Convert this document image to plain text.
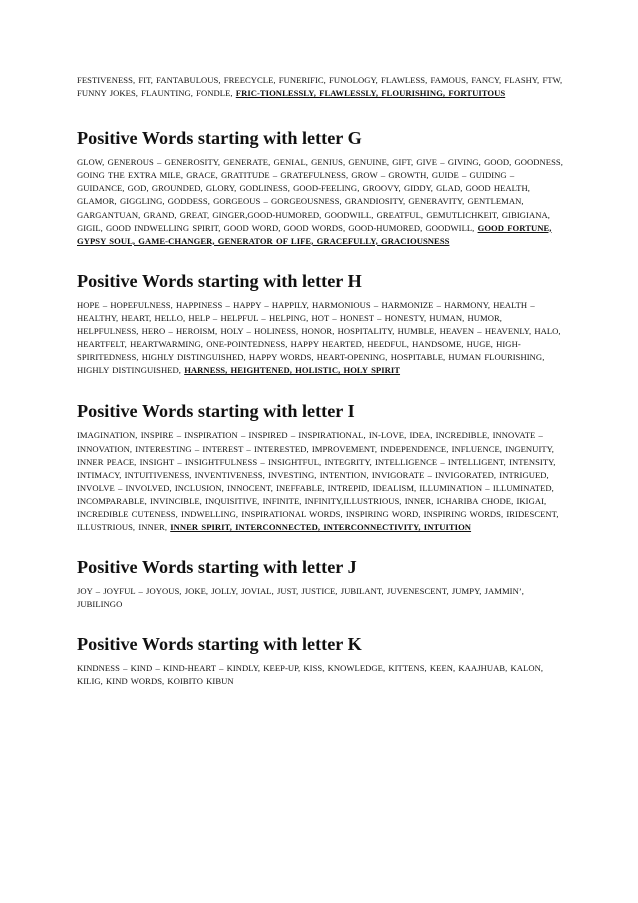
FESTIVENESS, FIT, FANTABULOUS, FREECYCLE, FUNERIFIC, FUNOLOGY, FLAWLESS, FAMOUS, FANCY, FLASHY, FTW, FUNNY JOKES, FLAUNTING, FONDLE, FRIC-TIONLESSLY, FLAWLESSLY, FLOURISHING, FORTUITOUS

Positive Words starting with letter G

GLOW, GENEROUS – GENEROSITY, GENERATE, GENIAL, GENIUS, GENUINE, GIFT, GIVE – GIVING, GOOD, GOODNESS, GOING THE EXTRA MILE, GRACE, GRATITUDE – GRATEFULNESS, GROW – GROWTH, GUIDE – GUIDING – GUIDANCE, GOD, GROUNDED, GLORY, GODLINESS, GOOD-FEELING, GROOVY, GIDDY, GLAD, GOOD HEALTH, GLAMOR, GIGGLING, GODDESS, GORGEOUS – GORGEOUSNESS, GRANDIOSITY, GENERAVITY, GENTLEMAN, GARGANTUAN, GRAND, GREAT, GINGER,GOOD-HUMORED, GOODWILL, GREATFUL, GEMUTLICHKEIT, GIBIGIANA, GIGIL, GOOD INDWELLING SPIRIT, GOOD WORD, GOOD WORDS, GOOD-HUMORED, GOODWILL, GOOD FORTUNE, GYPSY SOUL, GAME-CHANGER, GENERATOR OF LIFE, GRACEFULLY, GRACIOUSNESS

Positive Words starting with letter H

HOPE – HOPEFULNESS, HAPPINESS – HAPPY – HAPPILY, HARMONIOUS – HARMONIZE – HARMONY, HEALTH – HEALTHY, HEART, HELLO, HELP – HELPFUL – HELPING, HOT – HONEST – HONESTY, HUMAN, HUMOR, HELPFULNESS, HERO – HEROISM, HOLY – HOLINESS, HONOR, HOSPITALITY, HUMBLE, HEAVEN – HEAVENLY, HALO, HEARTFELT, HEARTWARMING, ONE-POINTEDNESS, HAPPY HEARTED, HEEDFUL, HANDSOME, HUGE, HIGH-SPIRITEDNESS, HIGHLY DISTINGUISHED, HAPPY WORDS, HEART-OPENING, HOSPITABLE, HUMAN FLOURISHING, HIGHLY DISTINGUISHED, HARNESS, HEIGHTENED, HOLISTIC, HOLY SPIRIT

Positive Words starting with letter I

IMAGINATION, INSPIRE – INSPIRATION – INSPIRED – INSPIRATIONAL, IN-LOVE, IDEA, INCREDIBLE, INNOVATE – INNOVATION, INTERESTING – INTEREST – INTERESTED, IMPROVEMENT, INDEPENDENCE, INFLUENCE, INGENUITY, INNER PEACE, INSIGHT – INSIGHTFULNESS – INSIGHTFUL, INTEGRITY, INTELLIGENCE – INTELLIGENT, INTENSITY, INTIMACY, INTUITIVENESS, INVENTIVENESS, INVESTING, INTENTION, INVIGORATE – INVIGORATED, INTRIGUED, INVOLVE – INVOLVED, INCLUSION, INNOCENT, INEFFABLE, INTREPID, IDEALISM, ILLUMINATION – ILLUMINATED, INCOMPARABLE, INVINCIBLE, INQUISITIVE, INFINITE, INFINITY,ILLUSTRIOUS, INNER, ICHARIBA CHODE, IKIGAI, INCREDIBLE CUTENESS, INDWELLING, INSPIRATIONAL WORDS, INSPIRING WORD, INSPIRING WORDS, IRIDESCENT, ILLUSTRIOUS, INNER, INNER SPIRIT, INTERCONNECTED, INTERCONNECTIVITY, INTUITION

Positive Words starting with letter J

JOY – JOYFUL – JOYOUS, JOKE, JOLLY, JOVIAL, JUST, JUSTICE, JUBILANT, JUVENESCENT, JUMPY, JAMMIN’, JUBILINGO

Positive Words starting with letter K

KINDNESS – KIND – KIND-HEART – KINDLY, KEEP-UP, KISS, KNOWLEDGE, KITTENS, KEEN, KAAJHUAB, KALON, KILIG, KIND WORDS, KOIBITO KIBUN
